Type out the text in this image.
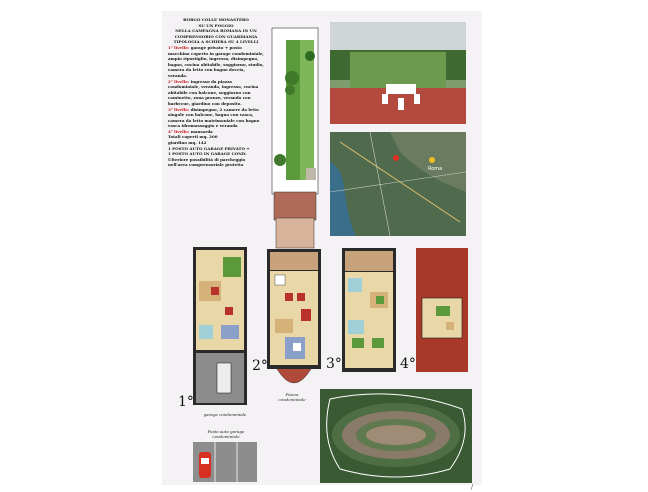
BORGO COLLE MONASTERO
SU UN POGGIO
NELLA CAMPAGNA ROMANA IN UN
COMPRENSORIO CON GUARDIANIA
TIPOLOGIA A SCHIERA SU 4 LIVELLI

1° livello: garage privato + posto macchina coperto in garage condominiale, ampio ripostiglio, ingresso, disimpegno, bagno, cucina abitabile, soggiorno, studio, camera da letto con bagno doccia, veranda.

2° livello: ingresso da piazza condominiale, veranda, ingresso, cucina abitabile con balcone, soggiorno con caminetto, zona pranzo, veranda con barbecue, giardino con deposito.

3° livello: disimpegno, 2 camere da letto singole con balcone, bagno con vasca, camera da letto matrimoniale con bagno vasca idromassaggio e veranda

4° livello: mansarda

Totali coperti mq. 200

giardino mq. 142

1 POSTO AUTO GARAGE PRIVATO +

1 POSTO AUTO IN GARAGE COND.

Ulteriore possibilità di parcheggio nell'area comprensoriale protetta

Roma
1°
garage condominiale
2°
Piazza condominiale
3°	4°
Posto auto garage condominiale
/
